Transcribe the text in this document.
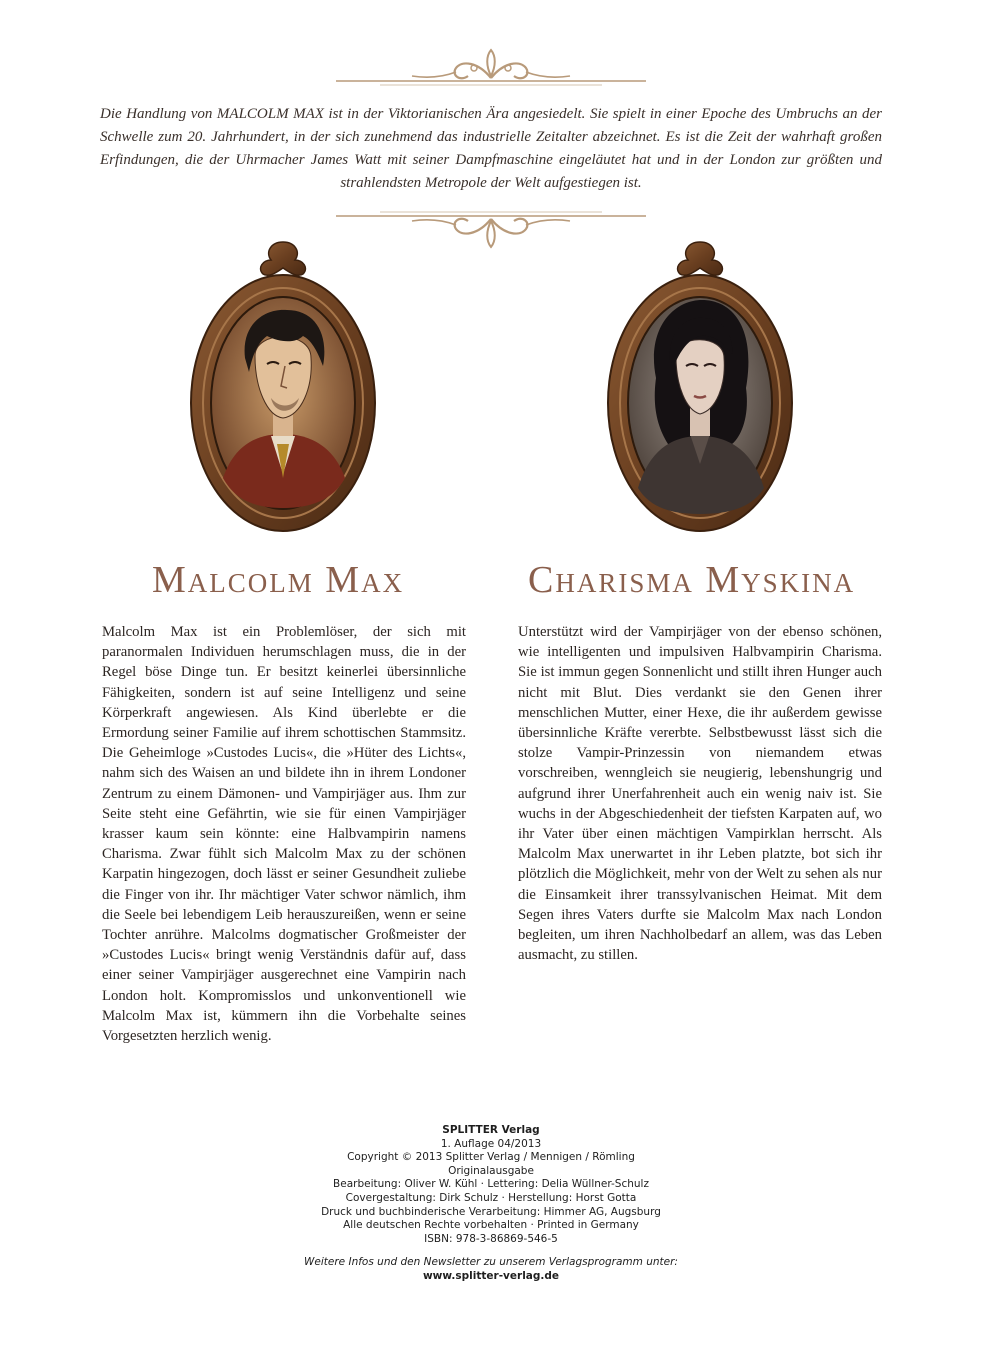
Die Handlung von MALCOLM MAX ist in der Viktorianischen Ära angesiedelt. Sie spielt in einer Epoche des Umbruchs an der Schwelle zum 20. Jahrhundert, in der sich zunehmend das industrielle Zeitalter abzeichnet. Es ist die Zeit der wahrhaft großen Erfindungen, die der Uhrmacher James Watt mit seiner Dampfmaschine eingeläutet hat und in der London zur größten und strahlendsten Metropole der Welt aufgestiegen ist.

Malcolm Max	Charisma Myskina

Malcolm Max ist ein Problemlöser, der sich mit paranormalen Individuen herumschlagen muss, die in der Regel böse Dinge tun. Er besitzt keinerlei übersinnliche Fähigkeiten, sondern ist auf seine Intelligenz und seine Körperkraft angewiesen. Als Kind überlebte er die Ermordung seiner Familie auf ihrem schottischen Stammsitz. Die Geheimloge »Custodes Lucis«, die »Hüter des Lichts«, nahm sich des Waisen an und bildete ihn in ihrem Londoner Zentrum zu einem Dämonen- und Vampirjäger aus. Ihm zur Seite steht eine Gefährtin, wie sie für einen Vampirjäger krasser kaum sein könnte: eine Halbvampirin namens Charisma. Zwar fühlt sich Malcolm Max zu der schönen Karpatin hingezogen, doch lässt er seiner Gesundheit zuliebe die Finger von ihr. Ihr mächtiger Vater schwor nämlich, ihm die Seele bei lebendigem Leib herauszureißen, wenn er seine Tochter anrühre. Malcolms dogmatischer Großmeister der »Custodes Lucis« bringt wenig Verständnis dafür auf, dass einer seiner Vampirjäger ausgerechnet eine Vampirin nach London holt. Kompromisslos und unkonventionell wie Malcolm Max ist, kümmern ihn die Vorbehalte seines Vorgesetzten herzlich wenig.

Unterstützt wird der Vampirjäger von der ebenso schönen, wie intelligenten und impulsiven Halbvampirin Charisma. Sie ist immun gegen Sonnenlicht und stillt ihren Hunger auch nicht mit Blut. Dies verdankt sie den Genen ihrer menschlichen Mutter, einer Hexe, die ihr außerdem gewisse übersinnliche Kräfte vererbte. Selbstbewusst lässt sich die stolze Vampir-Prinzessin von niemandem etwas vorschreiben, wenngleich sie neugierig, lebenshungrig und aufgrund ihrer Unerfahrenheit auch ein wenig naiv ist. Sie wuchs in der Abgeschiedenheit der tiefsten Karpaten auf, wo ihr Vater über einen mächtigen Vampirklan herrscht. Als Malcolm Max unerwartet in ihr Leben platzte, bot sich ihr plötzlich die Möglichkeit, mehr von der Welt zu sehen als nur die Einsamkeit ihrer transsylvanischen Heimat. Mit dem Segen ihres Vaters durfte sie Malcolm Max nach London begleiten, um ihren Nachholbedarf an allem, was das Leben ausmacht, zu stillen.

SPLITTER Verlag
1. Auflage 04/2013
Copyright © 2013 Splitter Verlag / Mennigen / Römling
Originalausgabe
Bearbeitung: Oliver W. Kühl · Lettering: Delia Wüllner-Schulz
Covergestaltung: Dirk Schulz · Herstellung: Horst Gotta
Druck und buchbinderische Verarbeitung: Himmer AG, Augsburg
Alle deutschen Rechte vorbehalten · Printed in Germany
ISBN: 978-3-86869-546-5
Weitere Infos und den Newsletter zu unserem Verlagsprogramm unter:
www.splitter-verlag.de
